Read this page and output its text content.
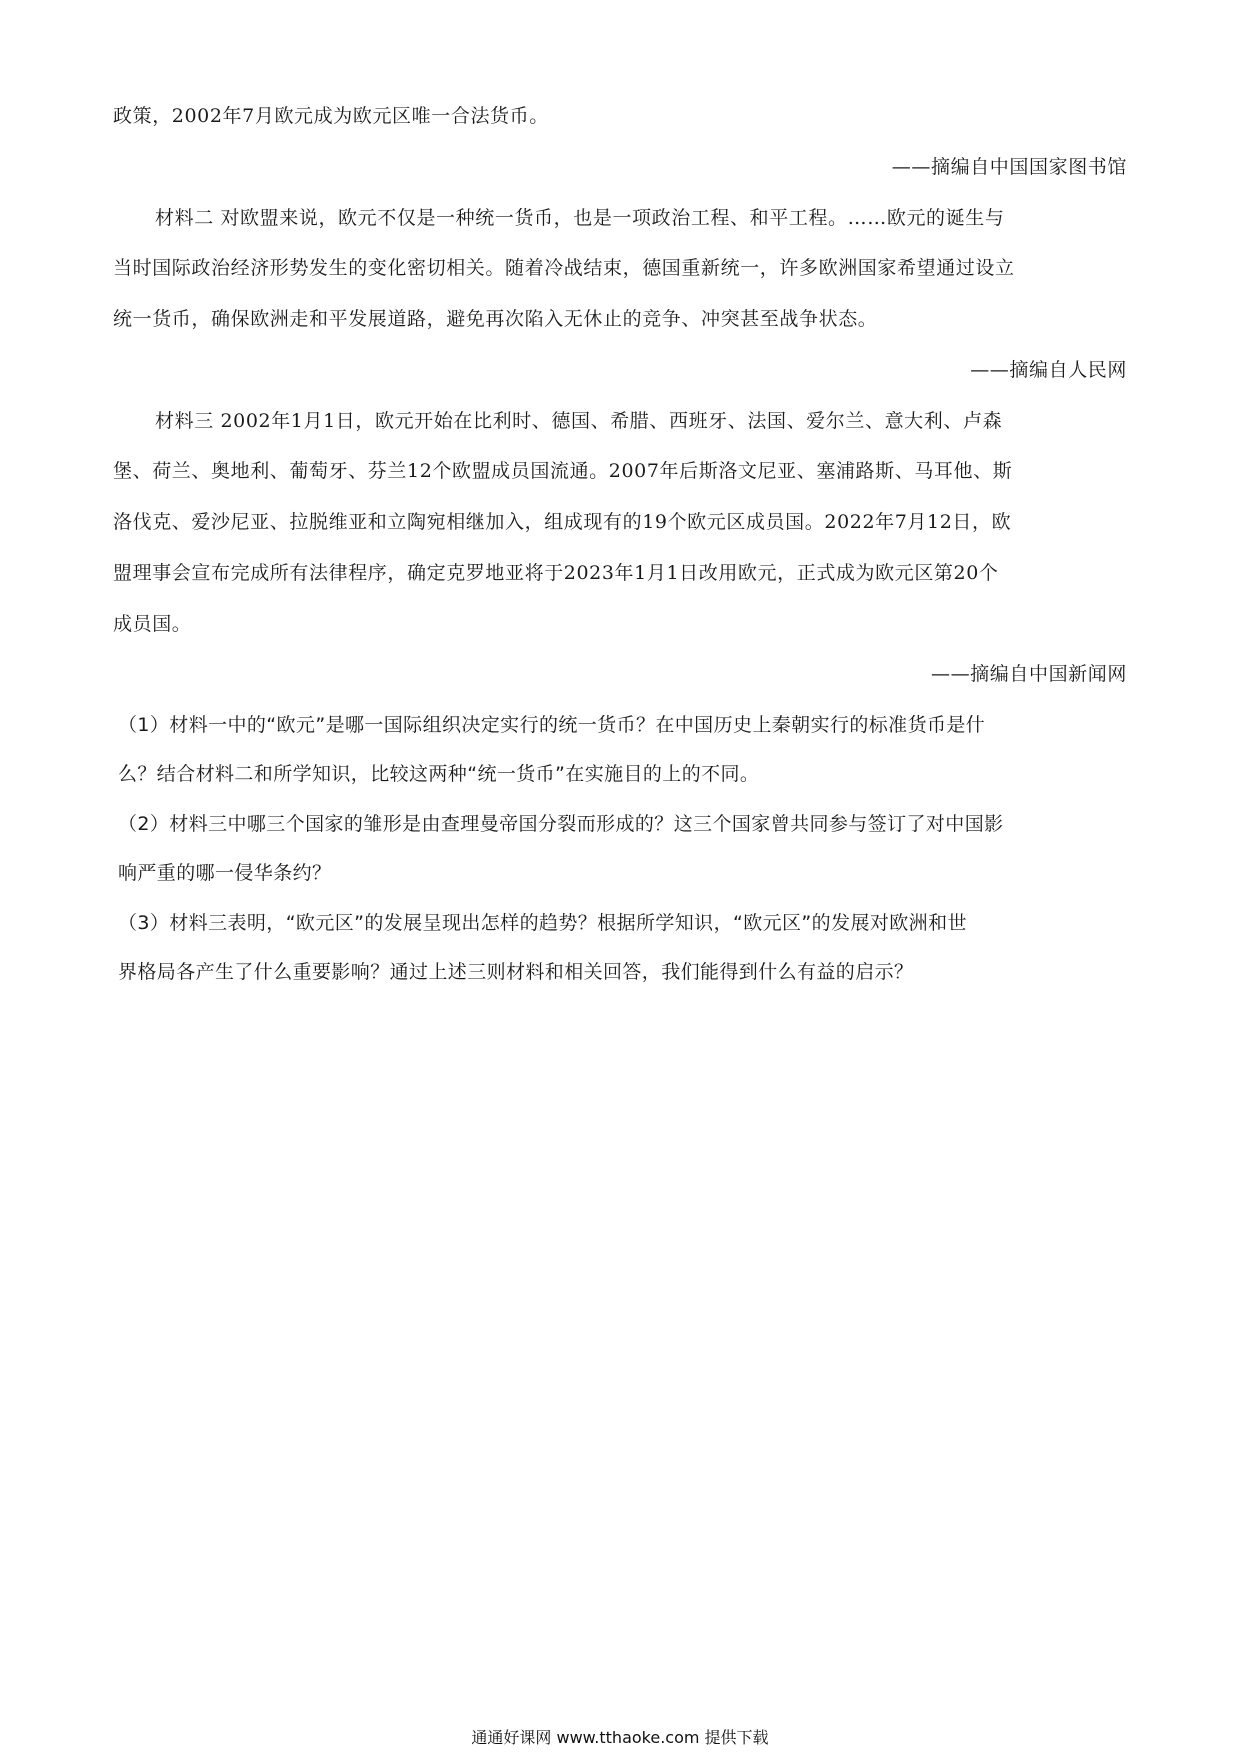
政策，2002年7月欧元成为欧元区唯一合法货币。
——摘编自中国国家图书馆
材料二 对欧盟来说，欧元不仅是一种统一货币，也是一项政治工程、和平工程。……欧元的诞生与
当时国际政治经济形势发生的变化密切相关。随着冷战结束，德国重新统一，许多欧洲国家希望通过设立
统一货币，确保欧洲走和平发展道路，避免再次陷入无休止的竞争、冲突甚至战争状态。
——摘编自人民网
材料三 2002年1月1日，欧元开始在比利时、德国、希腊、西班牙、法国、爱尔兰、意大利、卢森
堡、荷兰、奥地利、葡萄牙、芬兰12个欧盟成员国流通。2007年后斯洛文尼亚、塞浦路斯、马耳他、斯
洛伐克、爱沙尼亚、拉脱维亚和立陶宛相继加入，组成现有的19个欧元区成员国。2022年7月12日，欧
盟理事会宣布完成所有法律程序，确定克罗地亚将于2023年1月1日改用欧元，正式成为欧元区第20个
成员国。
——摘编自中国新闻网
（1）材料一中的“欧元”是哪一国际组织决定实行的统一货币？在中国历史上秦朝实行的标准货币是什
么？结合材料二和所学知识，比较这两种“统一货币”在实施目的上的不同。
（2）材料三中哪三个国家的雏形是由查理曼帝国分裂而形成的？这三个国家曾共同参与签订了对中国影
响严重的哪一侵华条约？
（3）材料三表明，“欧元区”的发展呈现出怎样的趋势？根据所学知识，“欧元区”的发展对欧洲和世
界格局各产生了什么重要影响？通过上述三则材料和相关回答，我们能得到什么有益的启示？
通通好课网 www.tthaoke.com 提供下载
